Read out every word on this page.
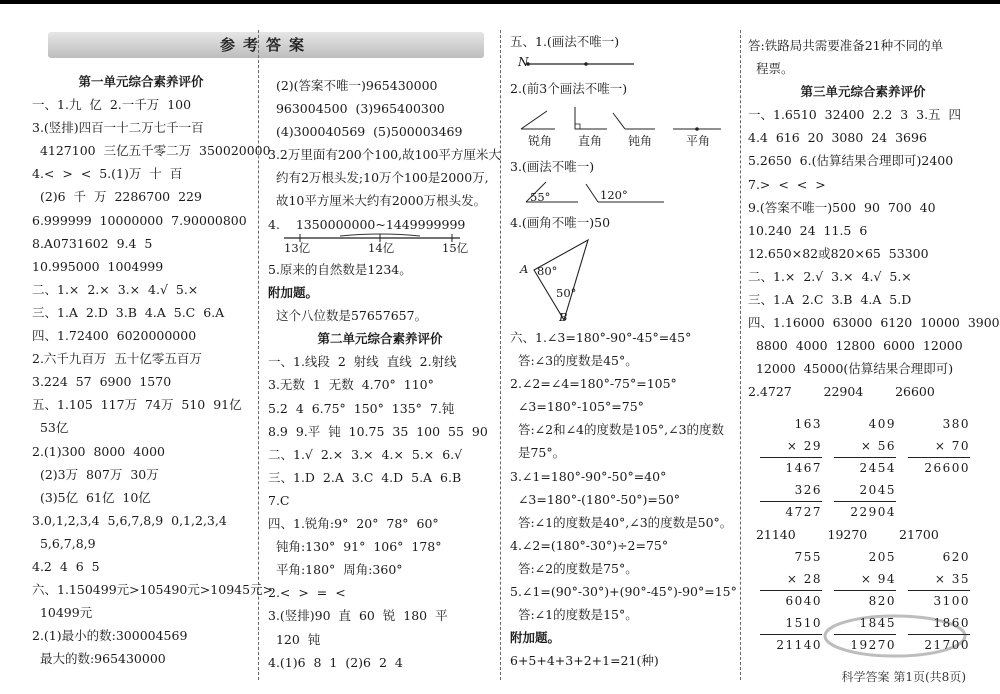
参考答案
第一单元综合素养评价
一、1.九  亿  2.一千万  100
3.(竖排)四百一十二万七千一百
4127100  三亿五千零二万  350020000
4.<  >  <  5.(1)万  十  百
(2)6  千  万  2286700  229
6.999999  10000000  7.90000800
8.A0731602  9.4  5
10.995000  1004999
二、1.×  2.×  3.×  4.√  5.×
三、1.A  2.D  3.B  4.A  5.C  6.A
四、1.72400  6020000000
2.六千九百万  五十亿零五百万
3.224  57  6900  1570
五、1.105  117万  74万  510  91亿
53亿
2.(1)300  8000  4000
(2)3万  807万  30万
(3)5亿  61亿  10亿
3.0,1,2,3,4  5,6,7,8,9  0,1,2,3,4
5,6,7,8,9
4.2  4  6  5
六、1.150499元>105490元>10945元>
10499元
2.(1)最小的数:300004569
最大的数:965430000
(2)(答案不唯一)965430000
963004500  (3)965400300
(4)300040569  (5)500003469
3.2万里面有200个100,故100平方厘米大
约有2万根头发;10万个100是2000万,
故10平方厘米大约有2000万根头发。
4.    1350000000~1449999999
13亿	14亿	15亿
5.原来的自然数是1234。
附加题。
这个八位数是57657657。
第二单元综合素养评价
一、1.线段  2  射线  直线  2.射线
3.无数  1  无数  4.70°  110°
5.2  4  6.75°  150°  135°  7.钝
8.9  9.平  钝  10.75  35  100  55  90
二、1.√  2.×  3.×  4.×  5.×  6.√
三、1.D  2.A  3.C  4.D  5.A  6.B
7.C
四、1.锐角:9°  20°  78°  60°
钝角:130°  91°  106°  178°
平角:180°  周角:360°
2.<  >  =  <
3.(竖排)90  直  60  锐  180  平
120  钝
4.(1)6  8  1  (2)6  2  4
五、1.(画法不唯一)
N
2.(前3个画法不唯一)
锐角 直角 钝角	平角
3.(画法不唯一)
55°	120°
4.(画角不唯一)50
A 80°
50°
B
六、1.∠3=180°-90°-45°=45°
答:∠3的度数是45°。
2.∠2=∠4=180°-75°=105°
∠3=180°-105°=75°
答:∠2和∠4的度数是105°,∠3的度数
是75°。
3.∠1=180°-90°-50°=40°
∠3=180°-(180°-50°)=50°
答:∠1的度数是40°,∠3的度数是50°。
4.∠2=(180°-30°)÷2=75°
答:∠2的度数是75°。
5.∠1=(90°-30°)+(90°-45°)-90°=15°
答:∠1的度数是15°。
附加题。
6+5+4+3+2+1=21(种)
答:铁路局共需要准备21种不同的单
程票。
第三单元综合素养评价
一、1.6510  32400  2.2  3  3.五  四
4.4  616  20  3080  24  3696
5.2650  6.(估算结果合理即可)2400
7.>  <  <  >
9.(答案不唯一)500  90  700  40
10.240  24  11.5  6
12.650×82或820×65  53300
二、1.×  2.√  3.×  4.√  5.×
三、1.A  2.C  3.B  4.A  5.D
四、1.16000  63000  6120  10000  3900
8800  4000  12800  6000  12000
12000  45000(估算结果合理即可)
2.4727        22904        26600
163
× 29
1467
326
4727
409
× 56
2454
2045
22904
380
× 70
26600
21140        19270        21700
755
× 28
6040
1510
21140
205
× 94
820
1845
19270
620
× 35
3100
1860
21700
科学答案 第1页(共8页)
